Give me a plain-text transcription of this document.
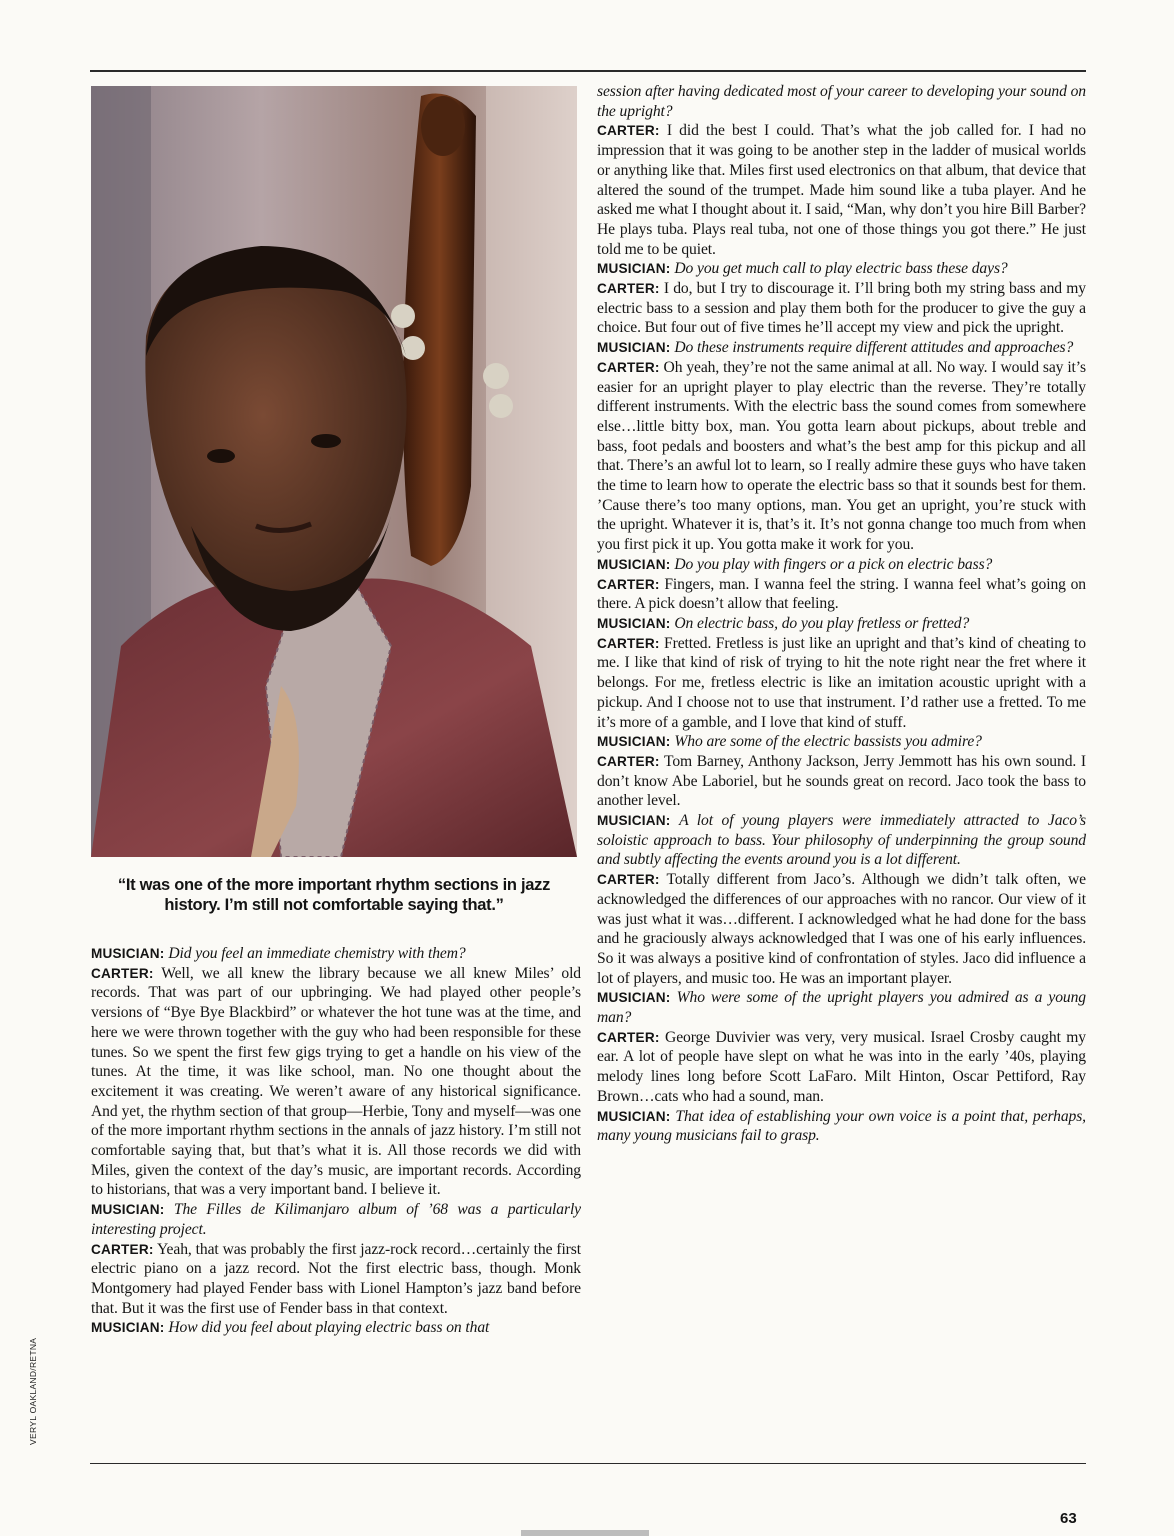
“It was one of the more important rhythm sections in jazz history. I’m still not comfortable saying that.”

MUSICIAN: Did you feel an immediate chemistry with them?

CARTER: Well, we all knew the library because we all knew Miles’ old records. That was part of our upbringing. We had played other people’s versions of “Bye Bye Blackbird” or whatever the hot tune was at the time, and here we were thrown together with the guy who had been responsible for these tunes. So we spent the first few gigs trying to get a handle on his view of the tunes. At the time, it was like school, man. No one thought about the excitement it was creating. We weren’t aware of any historical significance. And yet, the rhythm section of that group—Herbie, Tony and myself—was one of the more important rhythm sections in the annals of jazz history. I’m still not comfortable saying that, but that’s what it is. All those records we did with Miles, given the context of the day’s music, are important records. According to historians, that was a very important band. I believe it.

MUSICIAN: The Filles de Kilimanjaro album of ’68 was a particularly interesting project.

CARTER: Yeah, that was probably the first jazz-rock record…certainly the first electric piano on a jazz record. Not the first electric bass, though. Monk Montgomery had played Fender bass with Lionel Hampton’s jazz band before that. But it was the first use of Fender bass in that context.

MUSICIAN: How did you feel about playing electric bass on that

session after having dedicated most of your career to developing your sound on the upright?

CARTER: I did the best I could. That’s what the job called for. I had no impression that it was going to be another step in the ladder of musical worlds or anything like that. Miles first used electronics on that album, that device that altered the sound of the trumpet. Made him sound like a tuba player. And he asked me what I thought about it. I said, “Man, why don’t you hire Bill Barber? He plays tuba. Plays real tuba, not one of those things you got there.” He just told me to be quiet.

MUSICIAN: Do you get much call to play electric bass these days?

CARTER: I do, but I try to discourage it. I’ll bring both my string bass and my electric bass to a session and play them both for the producer to give the guy a choice. But four out of five times he’ll accept my view and pick the upright.

MUSICIAN: Do these instruments require different attitudes and approaches?

CARTER: Oh yeah, they’re not the same animal at all. No way. I would say it’s easier for an upright player to play electric than the reverse. They’re totally different instruments. With the electric bass the sound comes from somewhere else…little bitty box, man. You gotta learn about pickups, about treble and bass, foot pedals and boosters and what’s the best amp for this pickup and all that. There’s an awful lot to learn, so I really admire these guys who have taken the time to learn how to operate the electric bass so that it sounds best for them. ’Cause there’s too many options, man. You get an upright, you’re stuck with the upright. Whatever it is, that’s it. It’s not gonna change too much from when you first pick it up. You gotta make it work for you.

MUSICIAN: Do you play with fingers or a pick on electric bass?

CARTER: Fingers, man. I wanna feel the string. I wanna feel what’s going on there. A pick doesn’t allow that feeling.

MUSICIAN: On electric bass, do you play fretless or fretted?

CARTER: Fretted. Fretless is just like an upright and that’s kind of cheating to me. I like that kind of risk of trying to hit the note right near the fret where it belongs. For me, fretless electric is like an imitation acoustic upright with a pickup. And I choose not to use that instrument. I’d rather use a fretted. To me it’s more of a gamble, and I love that kind of stuff.

MUSICIAN: Who are some of the electric bassists you admire?

CARTER: Tom Barney, Anthony Jackson, Jerry Jemmott has his own sound. I don’t know Abe Laboriel, but he sounds great on record. Jaco took the bass to another level.

MUSICIAN: A lot of young players were immediately attracted to Jaco’s soloistic approach to bass. Your philosophy of underpinning the group sound and subtly affecting the events around you is a lot different.

CARTER: Totally different from Jaco’s. Although we didn’t talk often, we acknowledged the differences of our approaches with no rancor. Our view of it was just what it was…different. I acknowledged what he had done for the bass and he graciously always acknowledged that I was one of his early influences. So it was always a positive kind of confrontation of styles. Jaco did influence a lot of players, and music too. He was an important player.

MUSICIAN: Who were some of the upright players you admired as a young man?

CARTER: George Duvivier was very, very musical. Israel Crosby caught my ear. A lot of people have slept on what he was into in the early ’40s, playing melody lines long before Scott LaFaro. Milt Hinton, Oscar Pettiford, Ray Brown…cats who had a sound, man.

MUSICIAN: That idea of establishing your own voice is a point that, perhaps, many young musicians fail to grasp.

VERYL OAKLAND/RETNA
63
